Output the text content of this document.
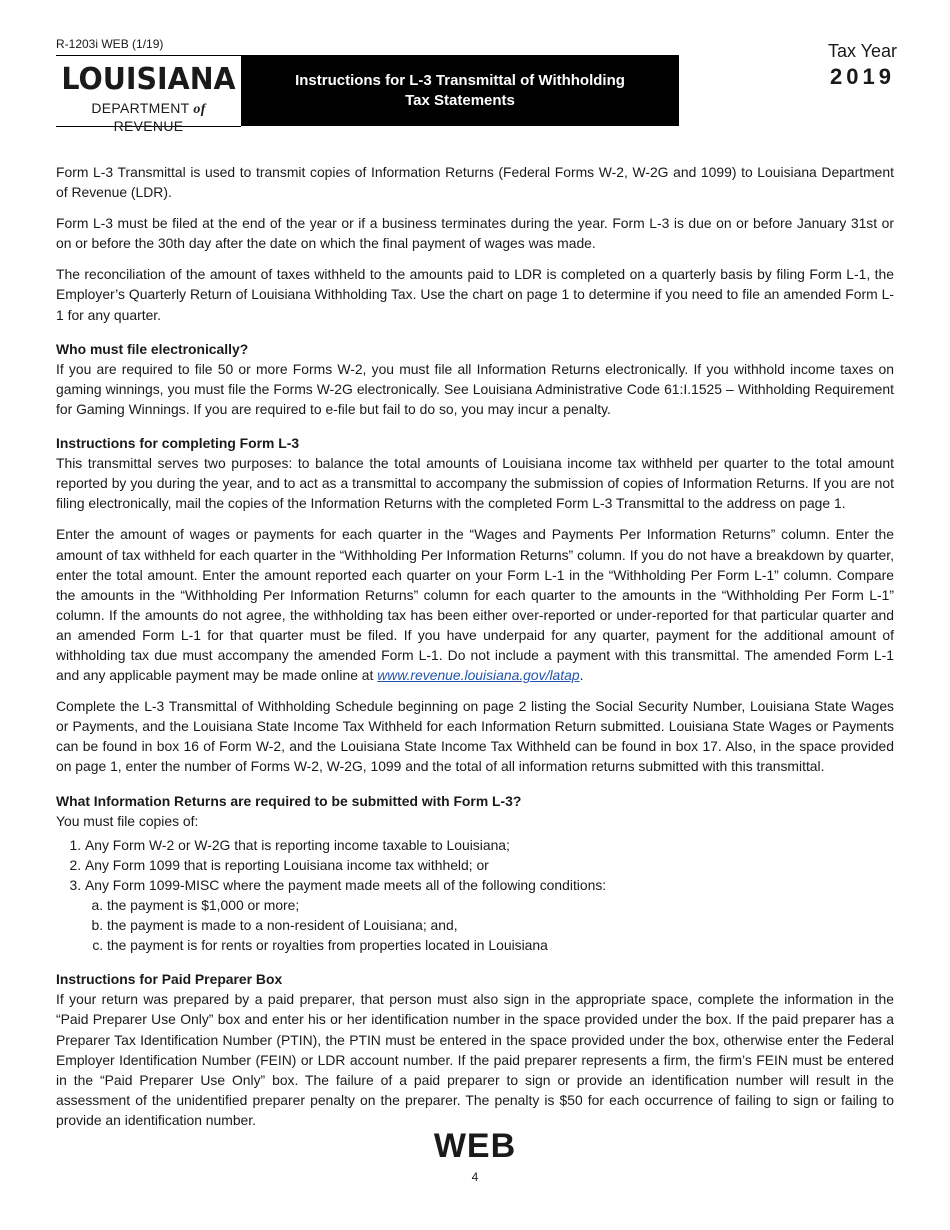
R-1203i WEB (1/19)
LOUISIANA
DEPARTMENT of REVENUE
Instructions for L-3 Transmittal of Withholding
Tax Statements
Tax Year
2019

Form L-3 Transmittal is used to transmit copies of Information Returns (Federal Forms W-2, W-2G and 1099) to Louisiana Department of Revenue (LDR).

Form L-3 must be filed at the end of the year or if a business terminates during the year. Form L-3 is due on or before January 31st or on or before the 30th day after the date on which the final payment of wages was made.

The reconciliation of the amount of taxes withheld to the amounts paid to LDR is completed on a quarterly basis by filing Form L-1, the Employer’s Quarterly Return of Louisiana Withholding Tax. Use the chart on page 1 to determine if you need to file an amended Form L-1 for any quarter.

Who must file electronically?

If you are required to file 50 or more Forms W-2, you must file all Information Returns electronically. If you withhold income taxes on gaming winnings, you must file the Forms W-2G electronically. See Louisiana Administrative Code 61:I.1525 – Withholding Requirement for Gaming Winnings. If you are required to e-file but fail to do so, you may incur a penalty.

Instructions for completing Form L-3

This transmittal serves two purposes: to balance the total amounts of Louisiana income tax withheld per quarter to the total amount reported by you during the year, and to act as a transmittal to accompany the submission of copies of Information Returns. If you are not filing electronically, mail the copies of the Information Returns with the completed Form L-3 Transmittal to the address on page 1.

Enter the amount of wages or payments for each quarter in the “Wages and Payments Per Information Returns” column. Enter the amount of tax withheld for each quarter in the “Withholding Per Information Returns” column. If you do not have a breakdown by quarter, enter the total amount. Enter the amount reported each quarter on your Form L-1 in the “Withholding Per Form L-1” column. Compare the amounts in the “Withholding Per Information Returns” column for each quarter to the amounts in the “Withholding Per Form L-1” column. If the amounts do not agree, the withholding tax has been either over-reported or under-reported for that particular quarter and an amended Form L-1 for that quarter must be filed. If you have underpaid for any quarter, payment for the additional amount of withholding tax due must accompany the amended Form L-1. Do not include a payment with this transmittal. The amended Form L-1 and any applicable payment may be made online at www.revenue.louisiana.gov/latap.

Complete the L-3 Transmittal of Withholding Schedule beginning on page 2 listing the Social Security Number, Louisiana State Wages or Payments, and the Louisiana State Income Tax Withheld for each Information Return submitted. Louisiana State Wages or Payments can be found in box 16 of Form W-2, and the Louisiana State Income Tax Withheld can be found in box 17. Also, in the space provided on page 1, enter the number of Forms W-2, W-2G, 1099 and the total of all information returns submitted with this transmittal.

What Information Returns are required to be submitted with Form L-3?
You must file copies of:
1. Any Form W-2 or W-2G that is reporting income taxable to Louisiana;
2. Any Form 1099 that is reporting Louisiana income tax withheld; or
3. Any Form 1099-MISC where the payment made meets all of the following conditions:
a. the payment is $1,000 or more;
b. the payment is made to a non-resident of Louisiana; and,
c. the payment is for rents or royalties from properties located in Louisiana
Instructions for Paid Preparer Box

If your return was prepared by a paid preparer, that person must also sign in the appropriate space, complete the information in the “Paid Preparer Use Only” box and enter his or her identification number in the space provided under the box. If the paid preparer has a Preparer Tax Identification Number (PTIN), the PTIN must be entered in the space provided under the box, otherwise enter the Federal Employer Identification Number (FEIN) or LDR account number. If the paid preparer represents a firm, the firm’s FEIN must be entered in the “Paid Preparer Use Only” box. The failure of a paid preparer to sign or provide an identification number will result in the assessment of the unidentified preparer penalty on the preparer. The penalty is $50 for each occurrence of failing to sign or failing to provide an identification number.

WEB
4
